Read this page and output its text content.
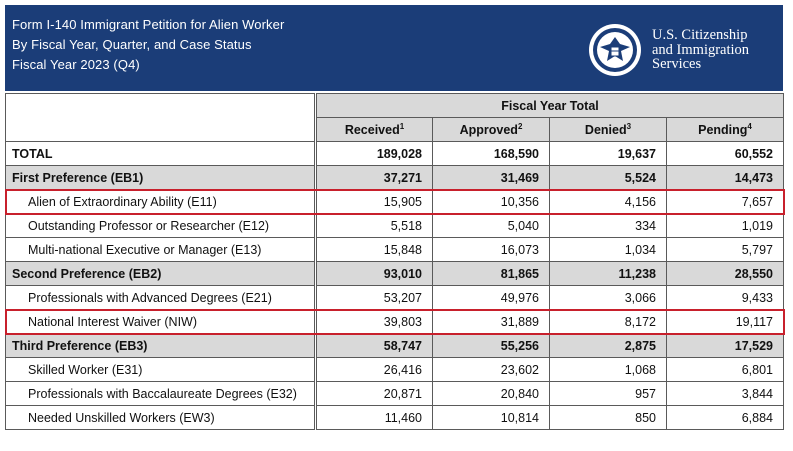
Form I-140 Immigrant Petition for Alien Worker
By Fiscal Year, Quarter, and Case Status
Fiscal Year 2023 (Q4)
U.S. Citizenship
and Immigration
Services
	Fiscal Year Total			
	Received$^1$	Approved$^2$	Denied$^3$	Pending$^4$
TOTAL	189,028	168,590	19,637	60,552
First Preference (EB1)	37,271	31,469	5,524	14,473
Alien of Extraordinary Ability (E11)	15,905	10,356	4,156	7,657
Outstanding Professor or Researcher (E12)	5,518	5,040	334	1,019
Multi-national Executive or Manager (E13)	15,848	16,073	1,034	5,797
Second Preference (EB2)	93,010	81,865	11,238	28,550
Professionals with Advanced Degrees (E21)	53,207	49,976	3,066	9,433
National Interest Waiver (NIW)	39,803	31,889	8,172	19,117
Third Preference (EB3)	58,747	55,256	2,875	17,529
Skilled Worker (E31)	26,416	23,602	1,068	6,801
Professionals with Baccalaureate Degrees (E32)	20,871	20,840	957	3,844
Needed Unskilled Workers (EW3)	11,460	10,814	850	6,884
